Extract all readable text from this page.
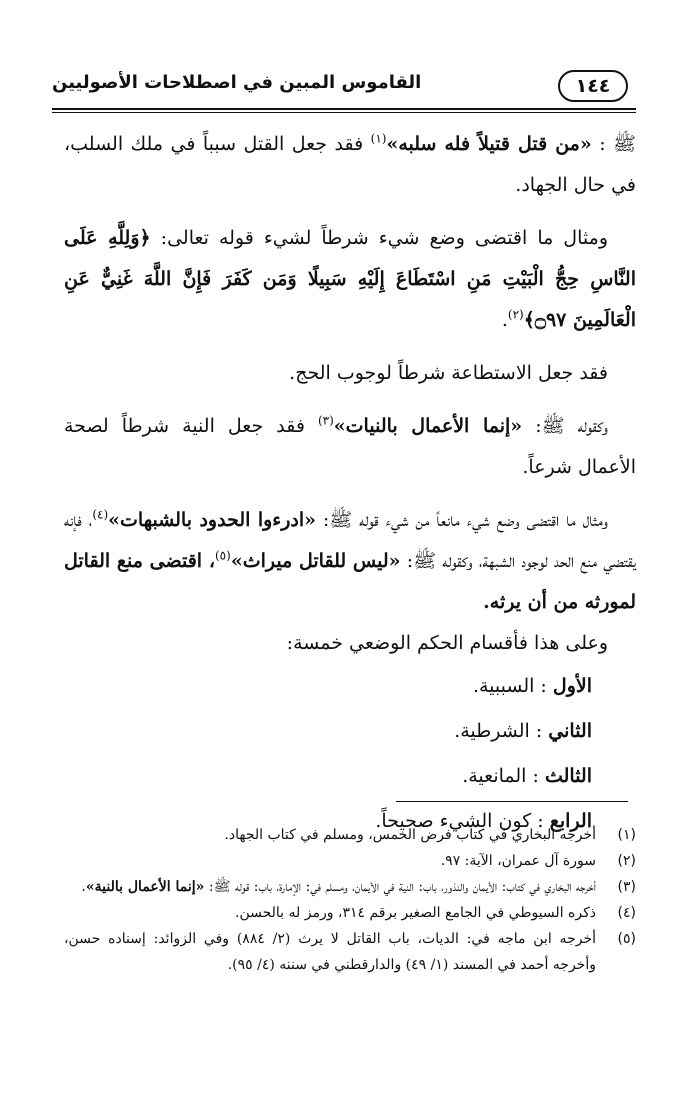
القاموس المبين في اصطلاحات الأصوليين	١٤٤

ﷺ : «من قتل قتيلاً فله سلبه»$^{(١)}$ فقد جعل القتل سبباً في ملك السلب، في حال الجهاد.

ومثال ما اقتضى وضع شيء شرطاً لشيء قوله تعالى: ﴿وَلِلَّهِ عَلَى النَّاسِ حِجُّ الْبَيْتِ مَنِ اسْتَطَاعَ إِلَيْهِ سَبِيلًا وَمَن كَفَرَ فَإِنَّ اللَّهَ غَنِيٌّ عَنِ الْعَالَمِينَ ۝٩٧﴾$^{(٢)}$.

فقد جعل الاستطاعة شرطاً لوجوب الحج.

وكقوله ﷺ: «إنما الأعمال بالنيات»$^{(٣)}$ فقد جعل النية شرطاً لصحة الأعمال شرعاً.

ومثال ما اقتضى وضع شيء مانعاً من شيء قوله ﷺ: «ادرءوا الحدود بالشبهات»$^{(٤)}$، فإنه يقتضي منع الحد لوجود الشبهة، وكقوله ﷺ: «ليس للقاتل ميراث»$^{(٥)}$، اقتضى منع القاتل لمورثه من أن يرثه.

وعلى هذا فأقسام الحكم الوضعي خمسة:

الأول : السببية.

الثاني : الشرطية.

الثالث : المانعية.

الرابع : كون الشيء صحيحاً.

(١)
أخرجه البخاري في كتاب فرض الخمس، ومسلم في كتاب الجهاد.
(٢)
سورة آل عمران، الآية: ٩٧.
(٣)
أخرجه البخاري في كتاب: الأيمان والنذور، باب: النية في الأيمان، ومسلم في: الإمارة، باب: قوله ﷺ: «إنما الأعمال بالنية».
(٤)
ذكره السيوطي في الجامع الصغير برقم ٣١٤، ورمز له بالحسن.
(٥)
أخرجه ابن ماجه في: الديات، باب القاتل لا يرث (٢/ ٨٨٤) وفي الزوائد: إسناده حسن، وأخرجه أحمد في المسند (١/ ٤٩) والدارقطني في سننه (٤/ ٩٥).
